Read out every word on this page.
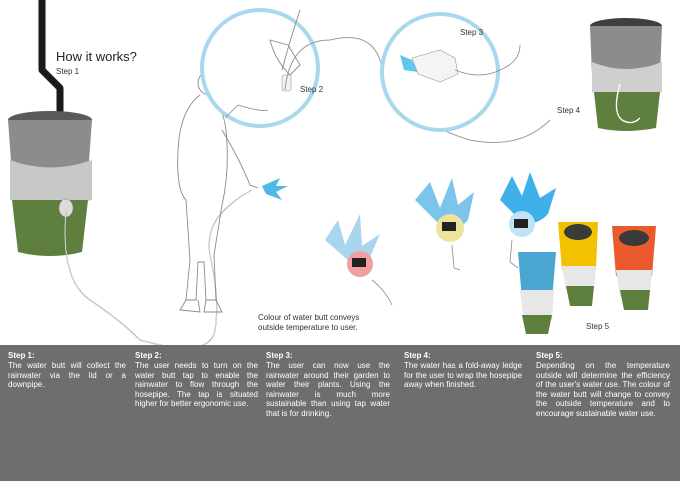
How it works?
Step 1
Step 2
Step 3
Step 4
Step 5
Colour of water butt conveys outside temperature to user.
Step 1:

The water butt will collect the rainwater via the lid or a downpipe.

Step 2:

The user needs to turn on the water butt tap to enable the rainwater to flow through the hosepipe. The tap is situated higher for better ergonomic use.

Step 3:

The user can now use the rainwater around their garden to water their plants. Using the rainwater is much more sustainable than using tap water that is for drinking.

Step 4:

The water has a fold-away ledge for the user to wrap the hosepipe away when finished.

Step 5:

Depending on the temperature outside will determine the efficiency of the user's water use. The colour of the water butt will change to convey the outside temperature and to encourage sustainable water use.
